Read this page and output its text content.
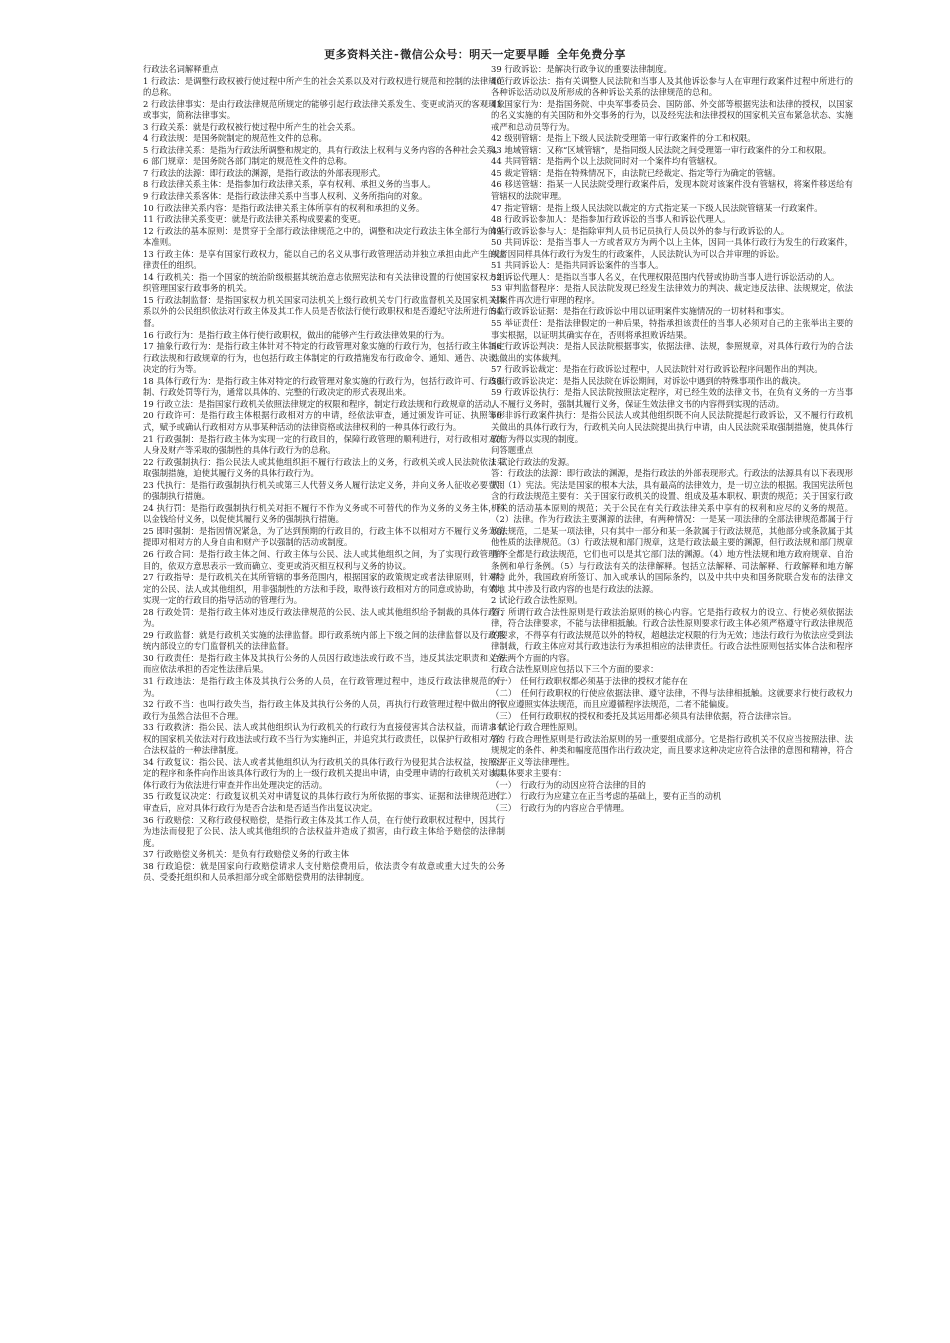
更多资料关注-微信公众号：明天一定要早睡 全年免费分享

行政法名词解释重点

1 行政法：是调整行政权被行使过程中所产生的社会关系以及对行政权进行规范和控制的法律规范的总称。

2 行政法律事实：是由行政法律规范所规定的能够引起行政法律关系发生、变更或消灭的客观现象或事实，简称法律事实。

3 行政关系：就是行政权被行使过程中所产生的社会关系。

4 行政法规：是国务院制定的规范性文件的总称。

5 行政法律关系：是指为行政法所调整和规定的，具有行政法上权利与义务内容的各种社会关系。

6 部门规章：是国务院各部门制定的规范性文件的总称。

7 行政法的法源：即行政法的渊源，是指行政法的外部表现形式。

8 行政法律关系主体：是指参加行政法律关系，享有权利、承担义务的当事人。

9 行政法律关系客体：是指行政法律关系中当事人权利、义务所指向的对象。

10 行政法律关系内容：是指行政法律关系主体所享有的权利和承担的义务。

11 行政法律关系变更：就是行政法律关系构成要素的变更。

12 行政法的基本原则：是贯穿于全部行政法律规范之中的，调整和决定行政法主体全部行为的基本准则。

13 行政主体：是享有国家行政权力，能以自己的名义从事行政管理活动并独立承担由此产生的法律责任的组织。

14 行政机关：指一个国家的统治阶级根据其统治意志依照宪法和有关法律设置的行使国家权力组织管理国家行政事务的机关。

15 行政法制监督：是指国家权力机关国家司法机关上级行政机关专门行政监督机关及国家机关体系以外的公民组织依法对行政主体及其工作人员是否依法行使行政职权和是否遵纪守法所进行的监督。

16 行政行为：是指行政主体行使行政职权，做出的能够产生行政法律效果的行为。

17 抽象行政行为：是指行政主体针对不特定的行政管理对象实施的行政行为，包括行政主体制定行政法规和行政规章的行为，也包括行政主体制定的行政措施发布行政命令、通知、通告、决议、决定的行为等。

18 具体行政行为：是指行政主体对特定的行政管理对象实施的行政行为，包括行政许可、行政强制、行政处罚等行为，通常以具体的、完整的行政决定的形式表现出来。

19 行政立法：是指国家行政机关依照法律规定的权限和程序，制定行政法规和行政规章的活动。

20 行政许可：是指行政主体根据行政相对方的申请，经依法审查，通过颁发许可证、执照等形式，赋予或确认行政相对方从事某种活动的法律资格或法律权利的一种具体行政行为。

21 行政强制：是指行政主体为实现一定的行政目的，保障行政管理的顺利进行，对行政相对方的人身及财产等采取的强制性的具体行政行为的总称。

22 行政强制执行：指公民法人或其他组织拒不履行行政法上的义务，行政机关或人民法院依法采取强制措施，迫使其履行义务的具体行政行为。

23 代执行：是指行政强制执行机关或第三人代替义务人履行法定义务，并向义务人征收必要费用的强制执行措施。

24 执行罚：是指行政强制执行机关对拒不履行不作为义务或不可替代的作为义务的义务主体，科以金钱给付义务，以促使其履行义务的强制执行措施。

25 即时强制：是指因情况紧急，为了达到预期的行政目的，行政主体不以相对方不履行义务为前提即对相对方的人身自由和财产予以强制的活动或制度。

26 行政合同：是指行政主体之间、行政主体与公民、法人或其他组织之间，为了实现行政管理的目的，依双方意思表示一致而确立、变更或消灭相互权利与义务的协议。

27 行政指导：是行政机关在其所管辖的事务范围内，根据国家的政策规定或者法律原则，针对特定的公民、法人或其他组织，用非强制性的方法和手段，取得该行政相对方的同意或协助，有效地实现一定的行政目的指导活动的管理行为。

28 行政处罚：是指行政主体对违反行政法律规范的公民、法人或其他组织给予制裁的具体行政行为。

29 行政监督：就是行政机关实施的法律监督。即行政系统内部上下级之间的法律监督以及行政系统内部设立的专门监督机关的法律监督。

30 行政责任：是指行政主体及其执行公务的人员因行政违法或行政不当，违反其法定职责和义务而应依法承担的否定性法律后果。

31 行政违法：是指行政主体及其执行公务的人员，在行政管理过程中，违反行政法律规范的行为。

32 行政不当：也叫行政失当，指行政主体及其执行公务的人员，再执行行政管理过程中做出的行政行为虽然合法但不合理。

33 行政救济：指公民、法人或其他组织认为行政机关的行政行为直接侵害其合法权益，而请求有权的国家机关依法对行政违法或行政不当行为实施纠正，并追究其行政责任，以保护行政相对方的合法权益的一种法律制度。

34 行政复议：指公民、法人或者其他组织认为行政机关的具体行政行为侵犯其合法权益，按照法定的程序和条件向作出该具体行政行为的上一级行政机关提出申请，由受理申请的行政机关对该具体行政行为依法进行审查并作出处理决定的活动。

35 行政复议决定：行政复议机关对申请复议的具体行政行为所依据的事实、证据和法律规范进行审查后，应对具体行政行为是否合法和是否适当作出复议决定。

36 行政赔偿：又称行政侵权赔偿，是指行政主体及其工作人员，在行使行政职权过程中，因其行为违法而侵犯了公民、法人或其他组织的合法权益并造成了损害，由行政主体给予赔偿的法律制度。

37 行政赔偿义务机关：是负有行政赔偿义务的行政主体

38 行政追偿：就是国家向行政赔偿请求人支付赔偿费用后，依法责令有故意或重大过失的公务员、受委托组织和人员承担部分或全部赔偿费用的法律制度。

39 行政诉讼：是解决行政争议的重要法律制度。

40 行政诉讼法：指有关调整人民法院和当事人及其他诉讼参与人在审理行政案件过程中所进行的各种诉讼活动以及所形成的各种诉讼关系的法律规范的总和。

41 国家行为：是指国务院、中央军事委员会、国防部、外交部等根据宪法和法律的授权，以国家的名义实施的有关国防和外交事务的行为，以及经宪法和法律授权的国家机关宣布紧急状态、实施戒严和总动员等行为。

42 级别管辖：是指上下级人民法院受理第一审行政案件的分工和权限。

43 地域管辖：又称“区域管辖”，是指同级人民法院之间受理第一审行政案件的分工和权限。

44 共同管辖：是指两个以上法院同时对一个案件均有管辖权。

45 裁定管辖：是指在特殊情况下，由法院已经裁定、指定等行为确定的管辖。

46 移送管辖：指某一人民法院受理行政案件后，发现本院对该案件没有管辖权，将案件移送给有管辖权的法院审理。

47 指定管辖：是指上级人民法院以裁定的方式指定某一下级人民法院管辖某一行政案件。

48 行政诉讼参加人：是指参加行政诉讼的当事人和诉讼代理人。

49 行政诉讼参与人：是指除审判人员书记员执行人员以外的参与行政诉讼的人。

50 共同诉讼：是指当事人一方或者双方为两个以上主体，因同一具体行政行为发生的行政案件，或者因同样具体行政行为发生的行政案件，人民法院认为可以合并审理的诉讼。

51 共同诉讼人：是指共同诉讼案件的当事人。

52 诉讼代理人：是指以当事人名义，在代理权限范围内代替或协助当事人进行诉讼活动的人。

53 审判监督程序：是指人民法院发现已经发生法律效力的判决、裁定违反法律、法规规定，依法对案件再次进行审理的程序。

54 行政诉讼证据：是指在行政诉讼中用以证明案件实施情况的一切材料和事实。

55 举证责任：是指法律假定的一种后果，特指承担该责任的当事人必须对自己的主张举出主要的事实根据，以证明其确实存在，否则将承担败诉结果。

56 行政诉讼判决：是指人民法院根据事实，依据法律、法规，参照规章，对具体行政行为的合法性做出的实体裁判。

57 行政诉讼裁定：是指在行政诉讼过程中，人民法院针对行政诉讼程序问题作出的判决。

58 行政诉讼决定：是指人民法院在诉讼期间，对诉讼中遇到的特殊事项作出的裁决。

59 行政诉讼执行：是指人民法院按照法定程序，对已经生效的法律文书，在负有义务的一方当事人不履行义务时，强制其履行义务，保证生效法律文书的内容得到实现的活动。

60 非诉行政案件执行：是指公民法人或其他组织既不向人民法院提起行政诉讼，又不履行行政机关做出的具体行政行为，行政机关向人民法院提出执行申请，由人民法院采取强制措施，使具体行政行为得以实现的制度。

问答题重点

1 试论行政法的发源。

答：行政法的法源：即行政法的渊源，是指行政法的外部表现形式。行政法的法源具有以下表现形式：（1）宪法。宪法是国家的根本大法，具有最高的法律效力，是一切立法的根据。我国宪法所包含的行政法规范主要有：关于国家行政机关的设置、组成及基本职权、职责的规范；关于国家行政机关的活动基本原则的规范；关于公民在有关行政法律关系中享有的权利和应尽的义务的规范。（2）法律。作为行政法主要渊源的法律，有两种情况：一是某一项法律的全部法律规范都属于行政法规范，二是某一项法律，只有其中一部分和某一条款属于行政法规范，其他部分或条款属于其他性质的法律规范。（3）行政法规和部门规章，这是行政法最主要的渊源，但行政法规和部门规章并不全都是行政法规范，它们也可以是其它部门法的渊源。（4）地方性法规和地方政府规章、自治条例和单行条例。（5）与行政法有关的法律解释。包括立法解释、司法解释、行政解释和地方解释。此外，我国政府所签订、加入或承认的国际条约，以及中共中央和国务院联合发布的法律文件，其中涉及行政内容的也是行政法的法源。

2 试论行政合法性原则。

答：所谓行政合法性原则是行政法治原则的核心内容。它是指行政权力的设立、行使必须依据法律，符合法律要求，不能与法律相抵触。行政合法性原则要求行政主体必须严格遵守行政法律规范的要求，不得享有行政法规范以外的特权，超越法定权限的行为无效；违法行政行为依法应受到法律制裁，行政主体应对其行政违法行为承担相应的法律责任。行政合法性原则包括实体合法和程序合法两个方面的内容。

行政合法性原则应包括以下三个方面的要求：

（一）　任何行政职权都必须基于法律的授权才能存在

（二）　任何行政职权的行使应依据法律、遵守法律，不得与法律相抵触。这就要求行使行政权力不仅应遵照实体法规范，而且应遵循程序法规范，二者不能偏废。

（三）　任何行政职权的授权和委托及其运用都必须具有法律依据，符合法律宗旨。

3 试论行政合理性原则。

答：行政合理性原则是行政法治原则的另一重要组成部分。它是指行政机关不仅应当按照法律、法规规定的条件、种类和幅度范围作出行政决定，而且要求这种决定应符合法律的意图和精神，符合公平正义等法律理性。

其具体要求主要有：

（一）　行政行为的动因应符合法律的目的

（二）　行政行为应建立在正当考虑的基础上，要有正当的动机

（三）　行政行为的内容应合乎情理。
